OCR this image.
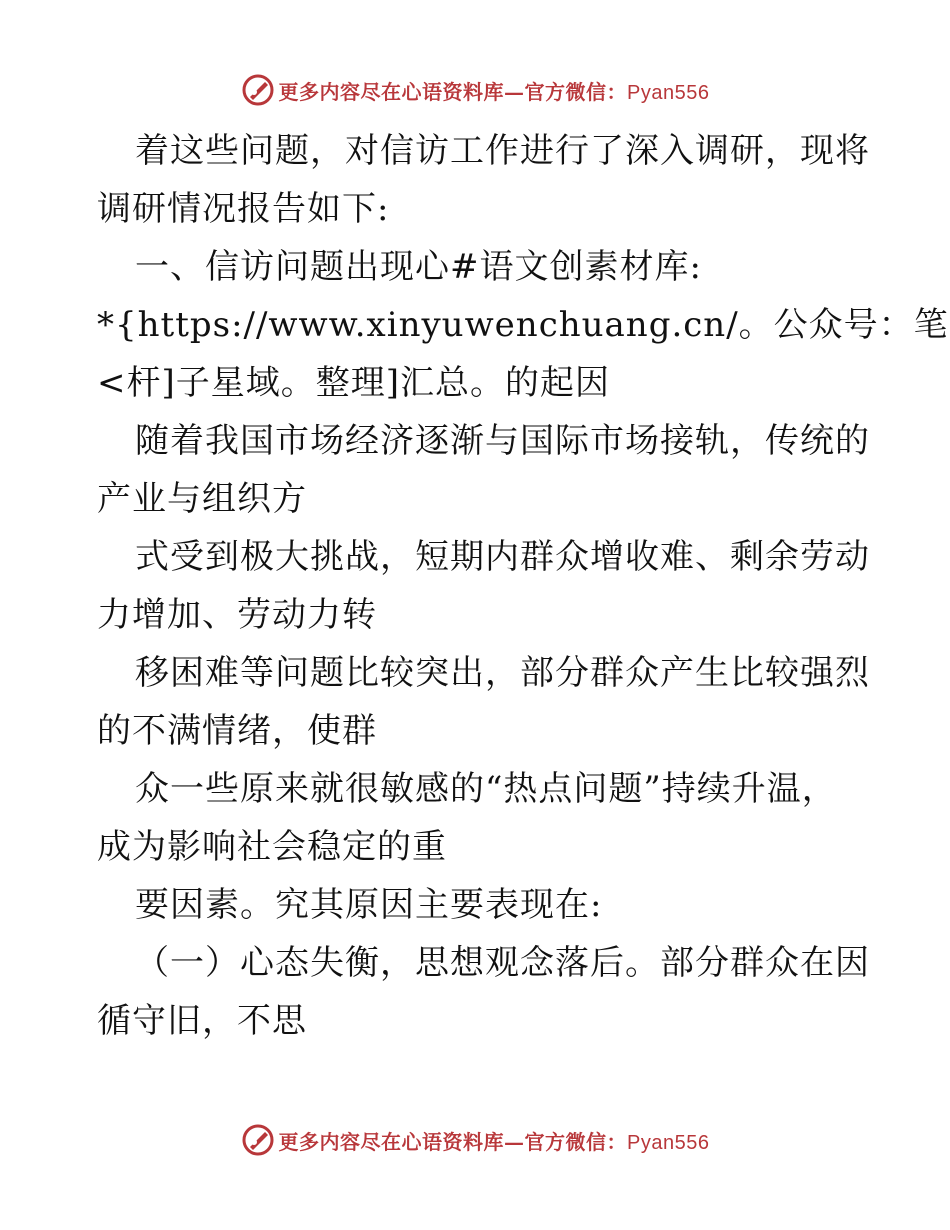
更多内容尽在心语资料库—官方微信：Pyan556
着这些问题，对信访工作进行了深入调研，现将
调研情况报告如下:
一、信访问题出现心#语文创素材库:
*{https://www.xinyuwenchuang.cn/。公众号：笔
<杆]子星域。整理]汇总。的起因
随着我国市场经济逐渐与国际市场接轨，传统的
产业与组织方
式受到极大挑战，短期内群众增收难、剩余劳动
力增加、劳动力转
移困难等问题比较突出，部分群众产生比较强烈
的不满情绪，使群
众一些原来就很敏感的“热点问题”持续升温，
成为影响社会稳定的重
要因素。究其原因主要表现在:
（一）心态失衡，思想观念落后。部分群众在因
循守旧，不思
更多内容尽在心语资料库—官方微信：Pyan556
